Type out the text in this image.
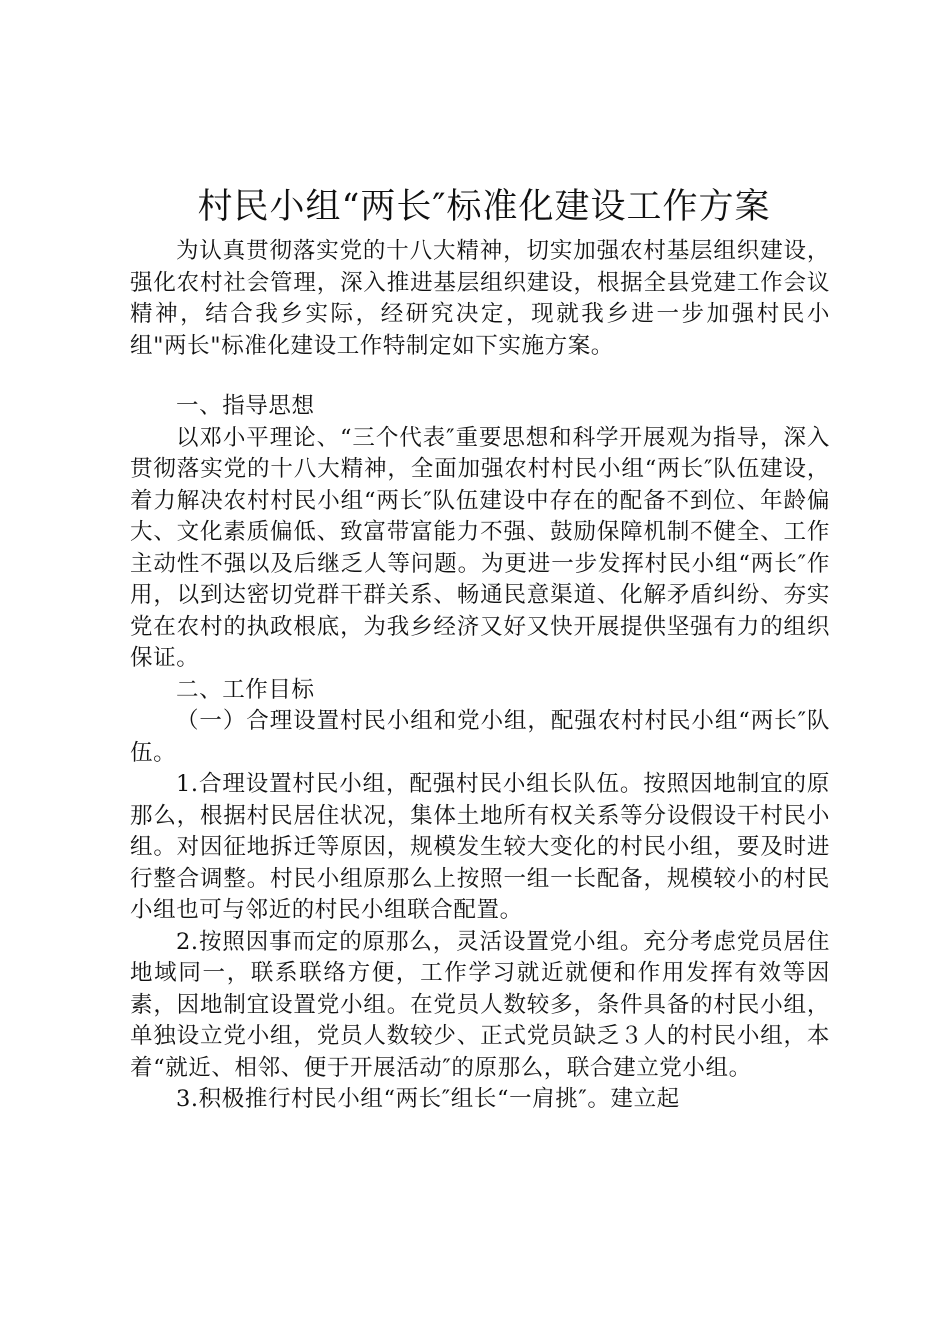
村民小组“两长″标准化建设工作方案

为认真贯彻落实党的十八大精神，切实加强农村基层组织建设，强化农村社会管理，深入推进基层组织建设，根据全县党建工作会议精神，结合我乡实际，经研究决定，现就我乡进一步加强村民小组"两长"标准化建设工作特制定如下实施方案。

一、指导思想

以邓小平理论、“三个代表″重要思想和科学开展观为指导，深入贯彻落实党的十八大精神，全面加强农村村民小组“两长″队伍建设，着力解决农村村民小组“两长″队伍建设中存在的配备不到位、年龄偏大、文化素质偏低、致富带富能力不强、鼓励保障机制不健全、工作主动性不强以及后继乏人等问题。为更进一步发挥村民小组“两长″作用，以到达密切党群干群关系、畅通民意渠道、化解矛盾纠纷、夯实党在农村的执政根底，为我乡经济又好又快开展提供坚强有力的组织保证。

二、工作目标

（一）合理设置村民小组和党小组，配强农村村民小组“两长″队伍。

1.合理设置村民小组，配强村民小组长队伍。按照因地制宜的原那么，根据村民居住状况，集体土地所有权关系等分设假设干村民小组。对因征地拆迁等原因，规模发生较大变化的村民小组，要及时进行整合调整。村民小组原那么上按照一组一长配备，规模较小的村民小组也可与邻近的村民小组联合配置。

2.按照因事而定的原那么，灵活设置党小组。充分考虑党员居住地域同一，联系联络方便，工作学习就近就便和作用发挥有效等因素，因地制宜设置党小组。在党员人数较多，条件具备的村民小组，单独设立党小组，党员人数较少、正式党员缺乏３人的村民小组，本着“就近、相邻、便于开展活动″的原那么，联合建立党小组。

3.积极推行村民小组“两长″组长“一肩挑″。建立起
